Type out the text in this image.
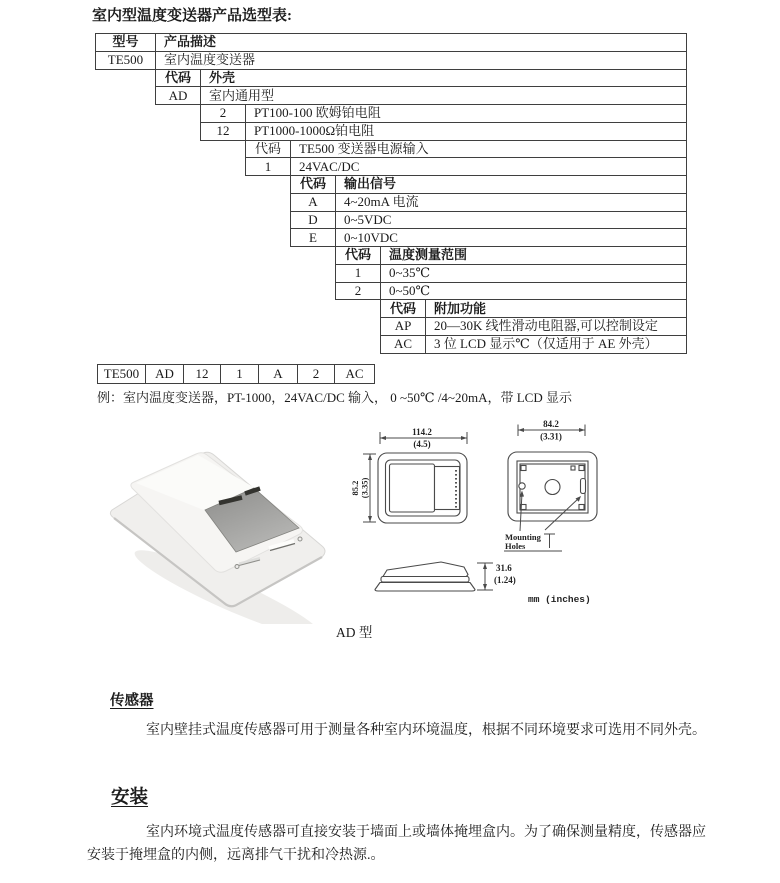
室内型温度变送器产品选型表:
型号	产品描述
TE500	室内温度变送器
代码	外壳
AD	室内通用型
2	PT100-100 欧姆铂电阻
12	PT1000-1000Ω铂电阻
代码	TE500 变送器电源输入
1	24VAC/DC
代码	输出信号
A	4~20mA 电流
D	0~5VDC
E	0~10VDC
代码	温度测量范围
1	0~35℃
2	0~50℃
代码	附加功能
AP	20—30K 线性滑动电阻器,可以控制设定
AC	3 位 LCD 显示℃（仅适用于 AE 外壳）
TE500	AD	12	1	A	2	AC
例：室内温度变送器，PT-1000，24VAC/DC 输入， 0 ~50℃ /4~20mA，带 LCD 显示
114.2
(4.5)
85.2 (3.35)
84.2
(3.31)
Mounting
Holes
31.6
(1.24)
mm (inches)
AD 型
传感器
室内壁挂式温度传感器可用于测量各种室内环境温度，根据不同环境要求可选用不同外壳。
安装
室内环境式温度传感器可直接安装于墙面上或墙体掩埋盒内。为了确保测量精度，传感器应
安装于掩埋盒的内侧，远离排气干扰和冷热源.。
